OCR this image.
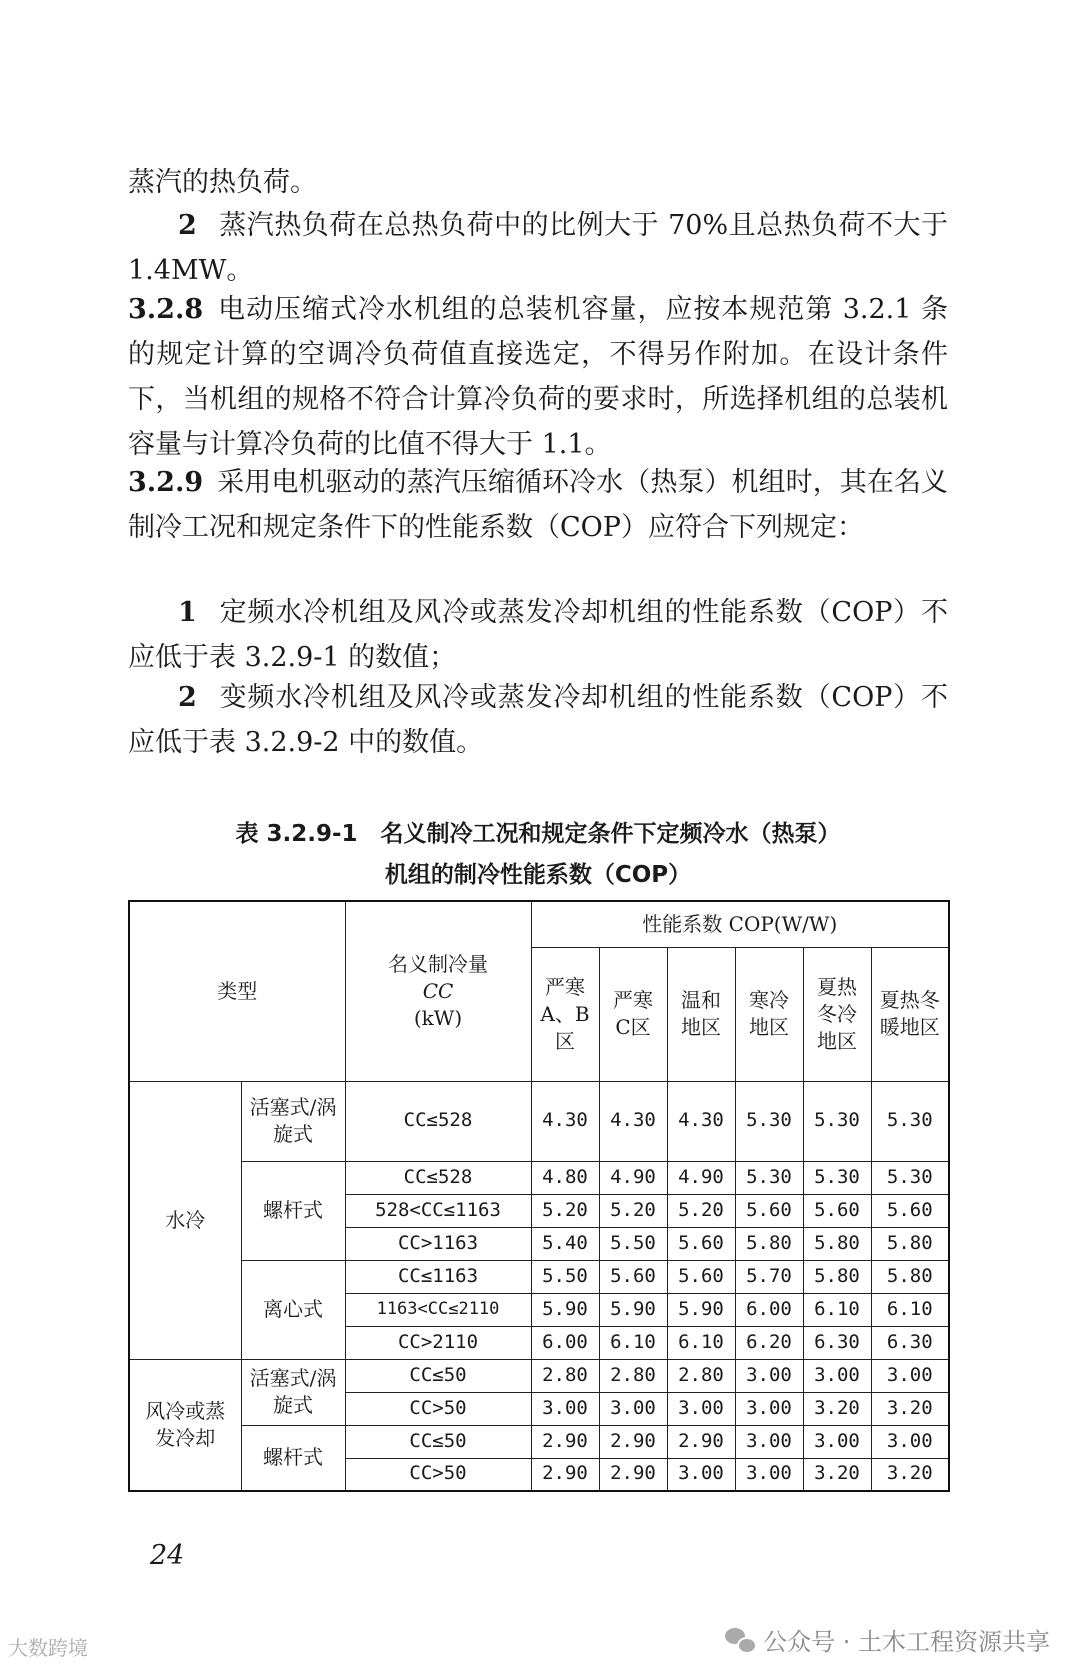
蒸汽的热负荷。
2 蒸汽热负荷在总热负荷中的比例大于 70%且总热负荷不大于 1.4MW。
3.2.8 电动压缩式冷水机组的总装机容量，应按本规范第 3.2.1 条的规定计算的空调冷负荷值直接选定，不得另作附加。在设计条件下，当机组的规格不符合计算冷负荷的要求时，所选择机组的总装机容量与计算冷负荷的比值不得大于 1.1。
3.2.9 采用电机驱动的蒸汽压缩循环冷水（热泵）机组时，其在名义制冷工况和规定条件下的性能系数（COP）应符合下列规定：
1 定频水冷机组及风冷或蒸发冷却机组的性能系数（COP）不应低于表 3.2.9-1 的数值；
2 变频水冷机组及风冷或蒸发冷却机组的性能系数（COP）不应低于表 3.2.9-2 中的数值。
表 3.2.9-1　名义制冷工况和规定条件下定频冷水（热泵）
机组的制冷性能系数（COP）
类型		名义制冷量
CC
(kW)	性能系数 COP(W/W)					
			严寒A、B区	严寒C区	温和地区	寒冷地区	夏热冬冷地区	夏热冬暖地区
水冷	活塞式/涡旋式	CC≤528	4.30	4.30	4.30	5.30	5.30	5.30
	螺杆式	CC≤528	4.80	4.90	4.90	5.30	5.30	5.30
		528<CC≤1163	5.20	5.20	5.20	5.60	5.60	5.60
		CC>1163	5.40	5.50	5.60	5.80	5.80	5.80
	离心式	CC≤1163	5.50	5.60	5.60	5.70	5.80	5.80
		1163<CC≤2110	5.90	5.90	5.90	6.00	6.10	6.10
		CC>2110	6.00	6.10	6.10	6.20	6.30	6.30
风冷或蒸发冷却	活塞式/涡旋式	CC≤50	2.80	2.80	2.80	3.00	3.00	3.00
		CC>50	3.00	3.00	3.00	3.00	3.20	3.20
	螺杆式	CC≤50	2.90	2.90	2.90	3.00	3.00	3.00
		CC>50	2.90	2.90	3.00	3.00	3.20	3.20
24
公众号 · 土木工程资源共享
大数跨境
